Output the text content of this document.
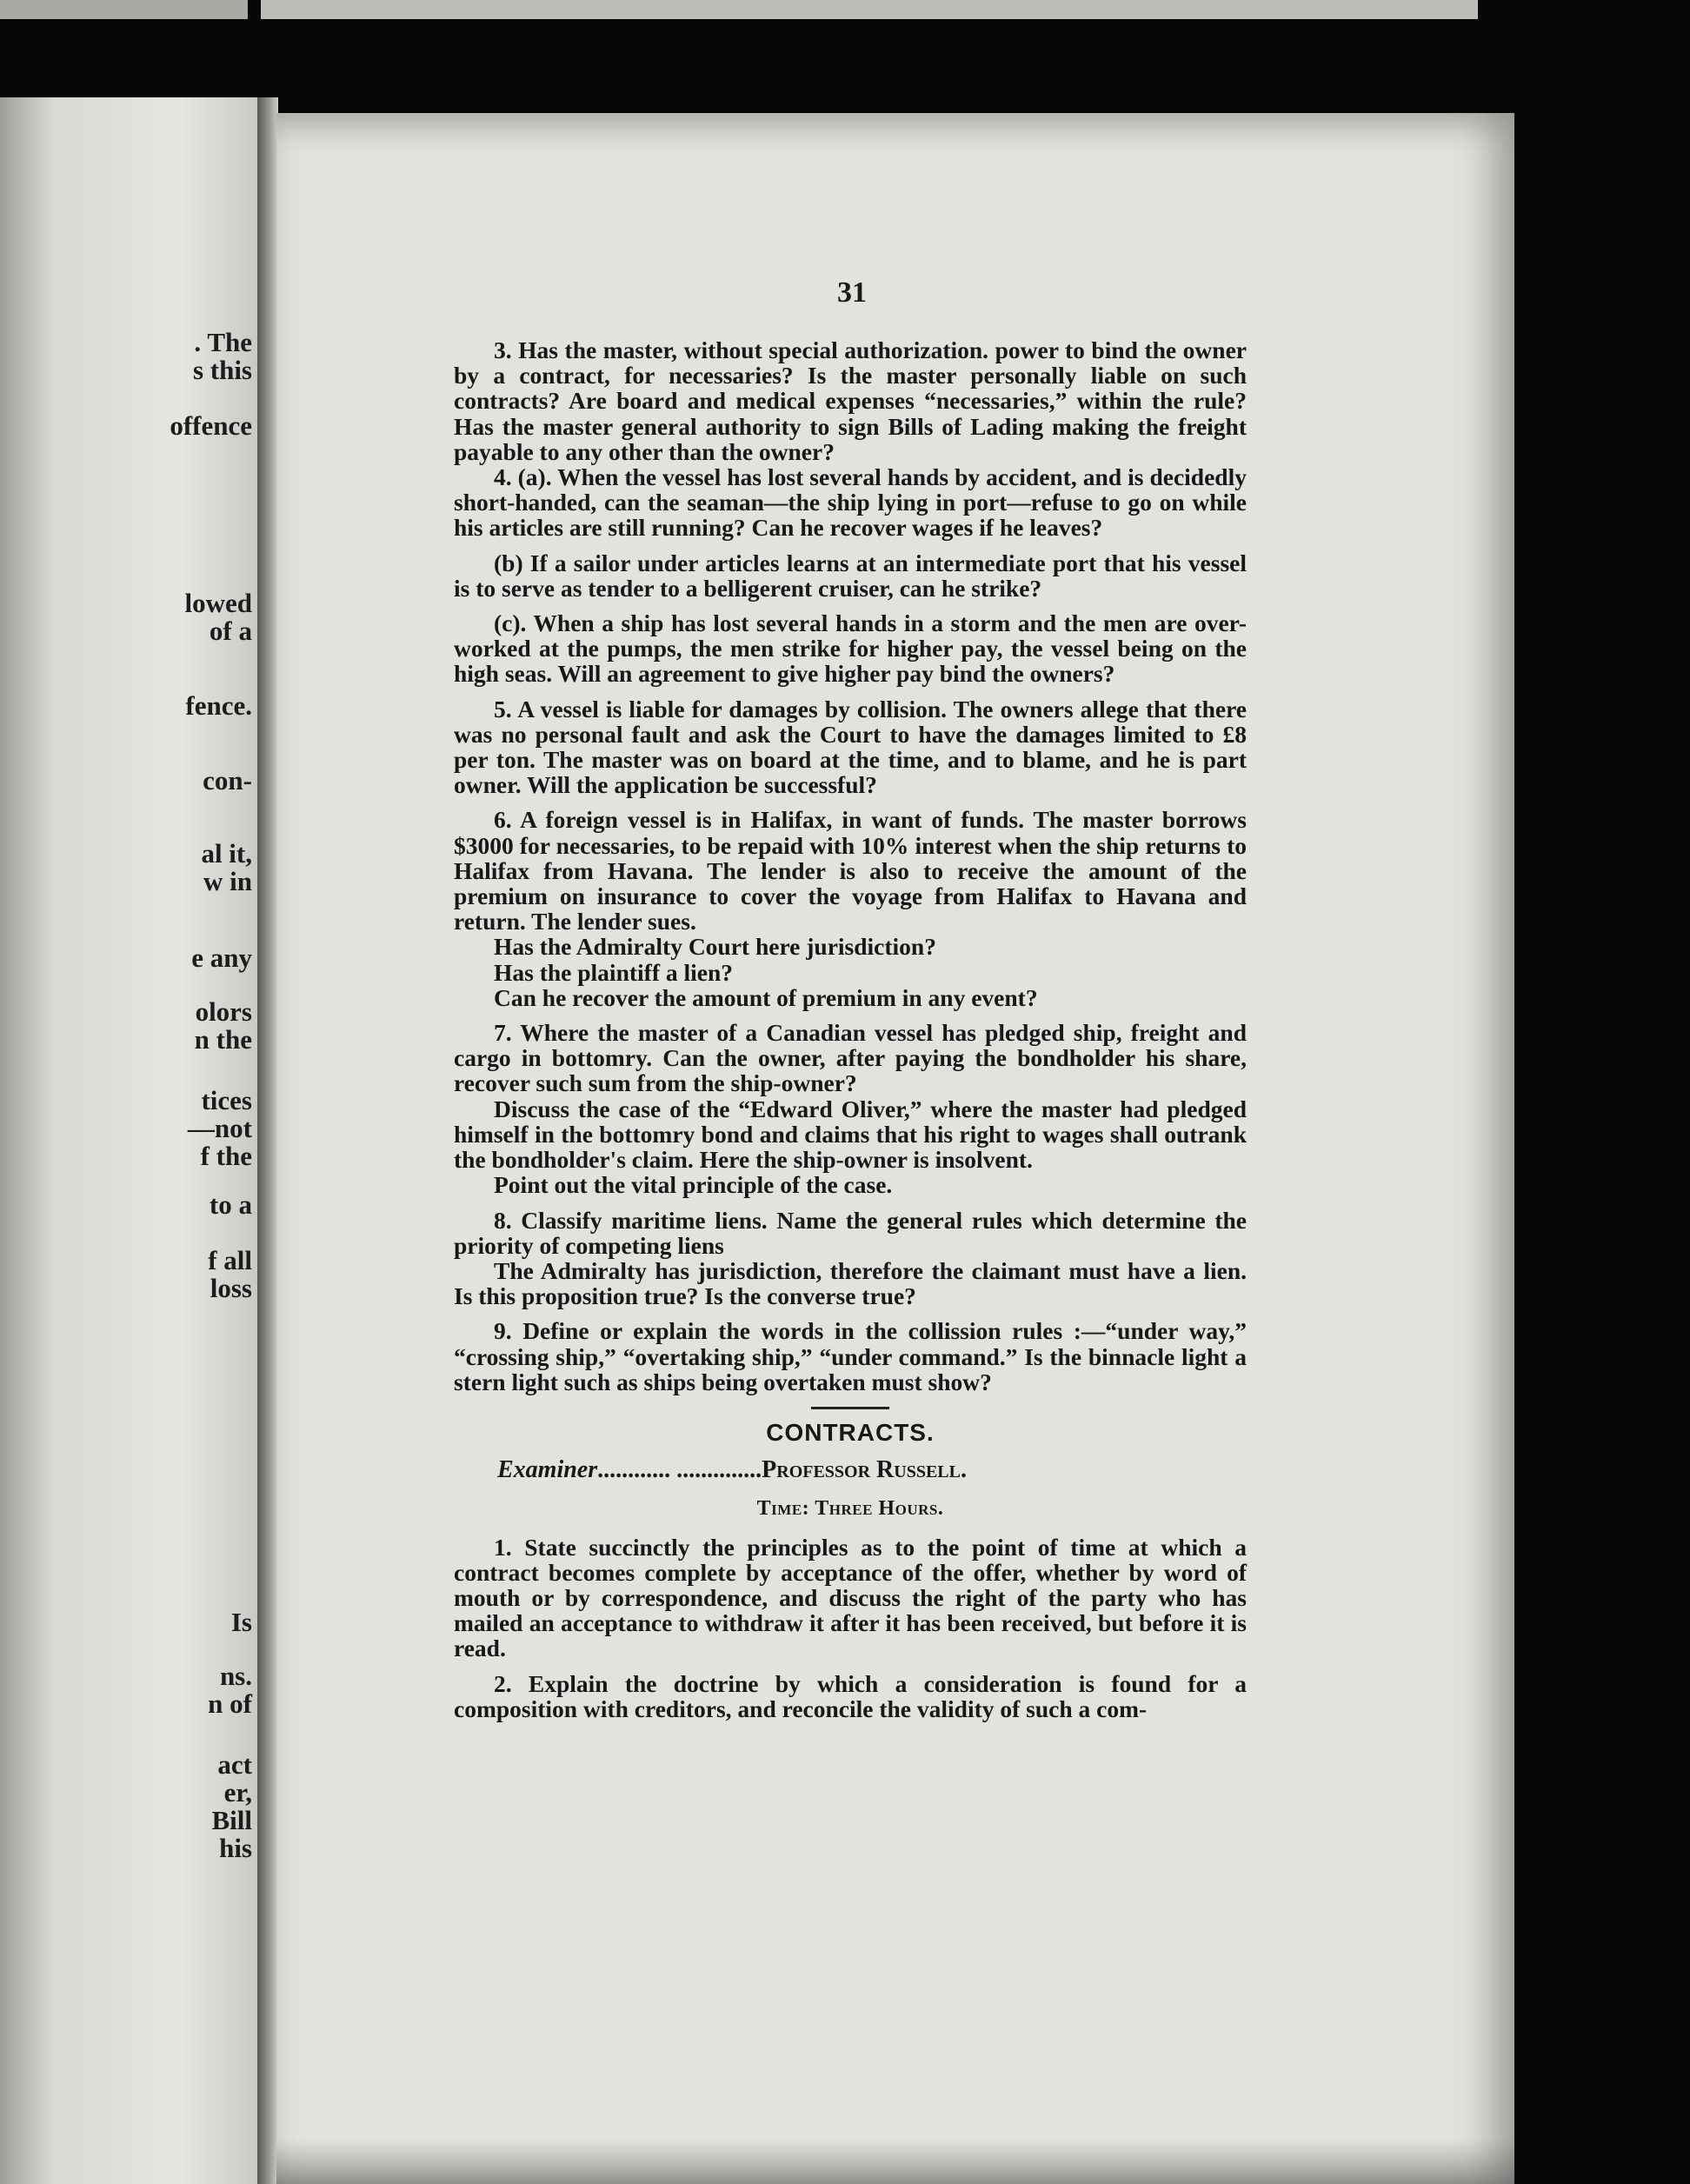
. The
s this
offence
lowed
of a
fence.
con-
al it,
w in
e any
olors
n the
tices
—not
f the
to a
f all
loss
Is
ns.
n of
act
er,
Bill
his
31

3. Has the master, without special authorization. power to bind the owner by a contract, for necessaries? Is the master personally liable on such contracts? Are board and medical expenses “necessaries,” within the rule? Has the master general authority to sign Bills of Lading making the freight payable to any other than the owner?

4. (a). When the vessel has lost several hands by accident, and is decidedly short-handed, can the seaman—the ship lying in port—refuse to go on while his articles are still running? Can he recover wages if he leaves?

(b) If a sailor under articles learns at an intermediate port that his vessel is to serve as tender to a belligerent cruiser, can he strike?

(c). When a ship has lost several hands in a storm and the men are over-worked at the pumps, the men strike for higher pay, the vessel being on the high seas. Will an agreement to give higher pay bind the owners?

5. A vessel is liable for damages by collision. The owners allege that there was no personal fault and ask the Court to have the damages limited to £8 per ton. The master was on board at the time, and to blame, and he is part owner. Will the application be successful?

6. A foreign vessel is in Halifax, in want of funds. The master borrows $3000 for necessaries, to be repaid with 10% interest when the ship returns to Halifax from Havana. The lender is also to receive the amount of the premium on insurance to cover the voyage from Halifax to Havana and return. The lender sues.

Has the Admiralty Court here jurisdiction?

Has the plaintiff a lien?

Can he recover the amount of premium in any event?

7. Where the master of a Canadian vessel has pledged ship, freight and cargo in bottomry. Can the owner, after paying the bondholder his share, recover such sum from the ship-owner?

Discuss the case of the “Edward Oliver,” where the master had pledged himself in the bottomry bond and claims that his right to wages shall outrank the bondholder's claim. Here the ship-owner is insolvent.

Point out the vital principle of the case.

8. Classify maritime liens. Name the general rules which determine the priority of competing liens

The Admiralty has jurisdiction, therefore the claimant must have a lien. Is this proposition true? Is the converse true?

9. Define or explain the words in the collission rules :—“under way,” “crossing ship,” “overtaking ship,” “under command.” Is the binnacle light a stern light such as ships being overtaken must show?

CONTRACTS.
Examiner ............ .............. Professor Russell.
Time: Three Hours.

1. State succinctly the principles as to the point of time at which a contract becomes complete by acceptance of the offer, whether by word of mouth or by correspondence, and discuss the right of the party who has mailed an acceptance to withdraw it after it has been received, but before it is read.

2. Explain the doctrine by which a consideration is found for a composition with creditors, and reconcile the validity of such a com-
